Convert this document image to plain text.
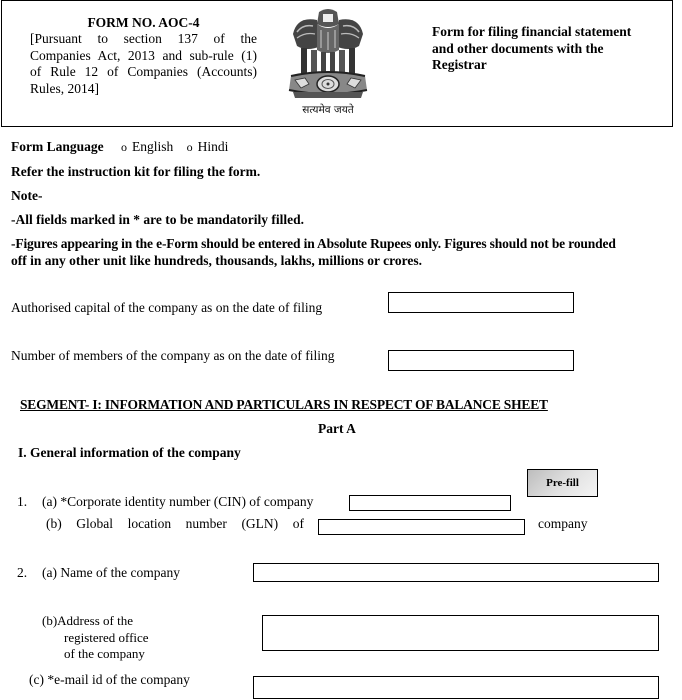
FORM NO. AOC-4
[Pursuant to section 137 of the
Companies Act, 2013 and sub-rule (1)
of Rule 12 of Companies (Accounts)
Rules, 2014]
सत्यमेव जयते
Form for filing financial statement
and other documents with the
Registrar
Form Language o English o Hindi
Refer the instruction kit for filing the form.
Note-
-All fields marked in * are to be mandatorily filled.
-Figures appearing in the e-Form should be entered in Absolute Rupees only. Figures should not be rounded
off in any other unit like hundreds, thousands, lakhs, millions or crores.
Authorised capital of the company as on the date of filing
Number of members of the company as on the date of filing
SEGMENT- I: INFORMATION AND PARTICULARS IN RESPECT OF BALANCE SHEET
Part A
I. General information of the company
Pre-fill
1. (a) *Corporate identity number (CIN) of company
(b) Global location number (GLN) of	company
2. (a) Name of the company
(b)Address of the
registered office
of the company
(c) *e-mail id of the company
